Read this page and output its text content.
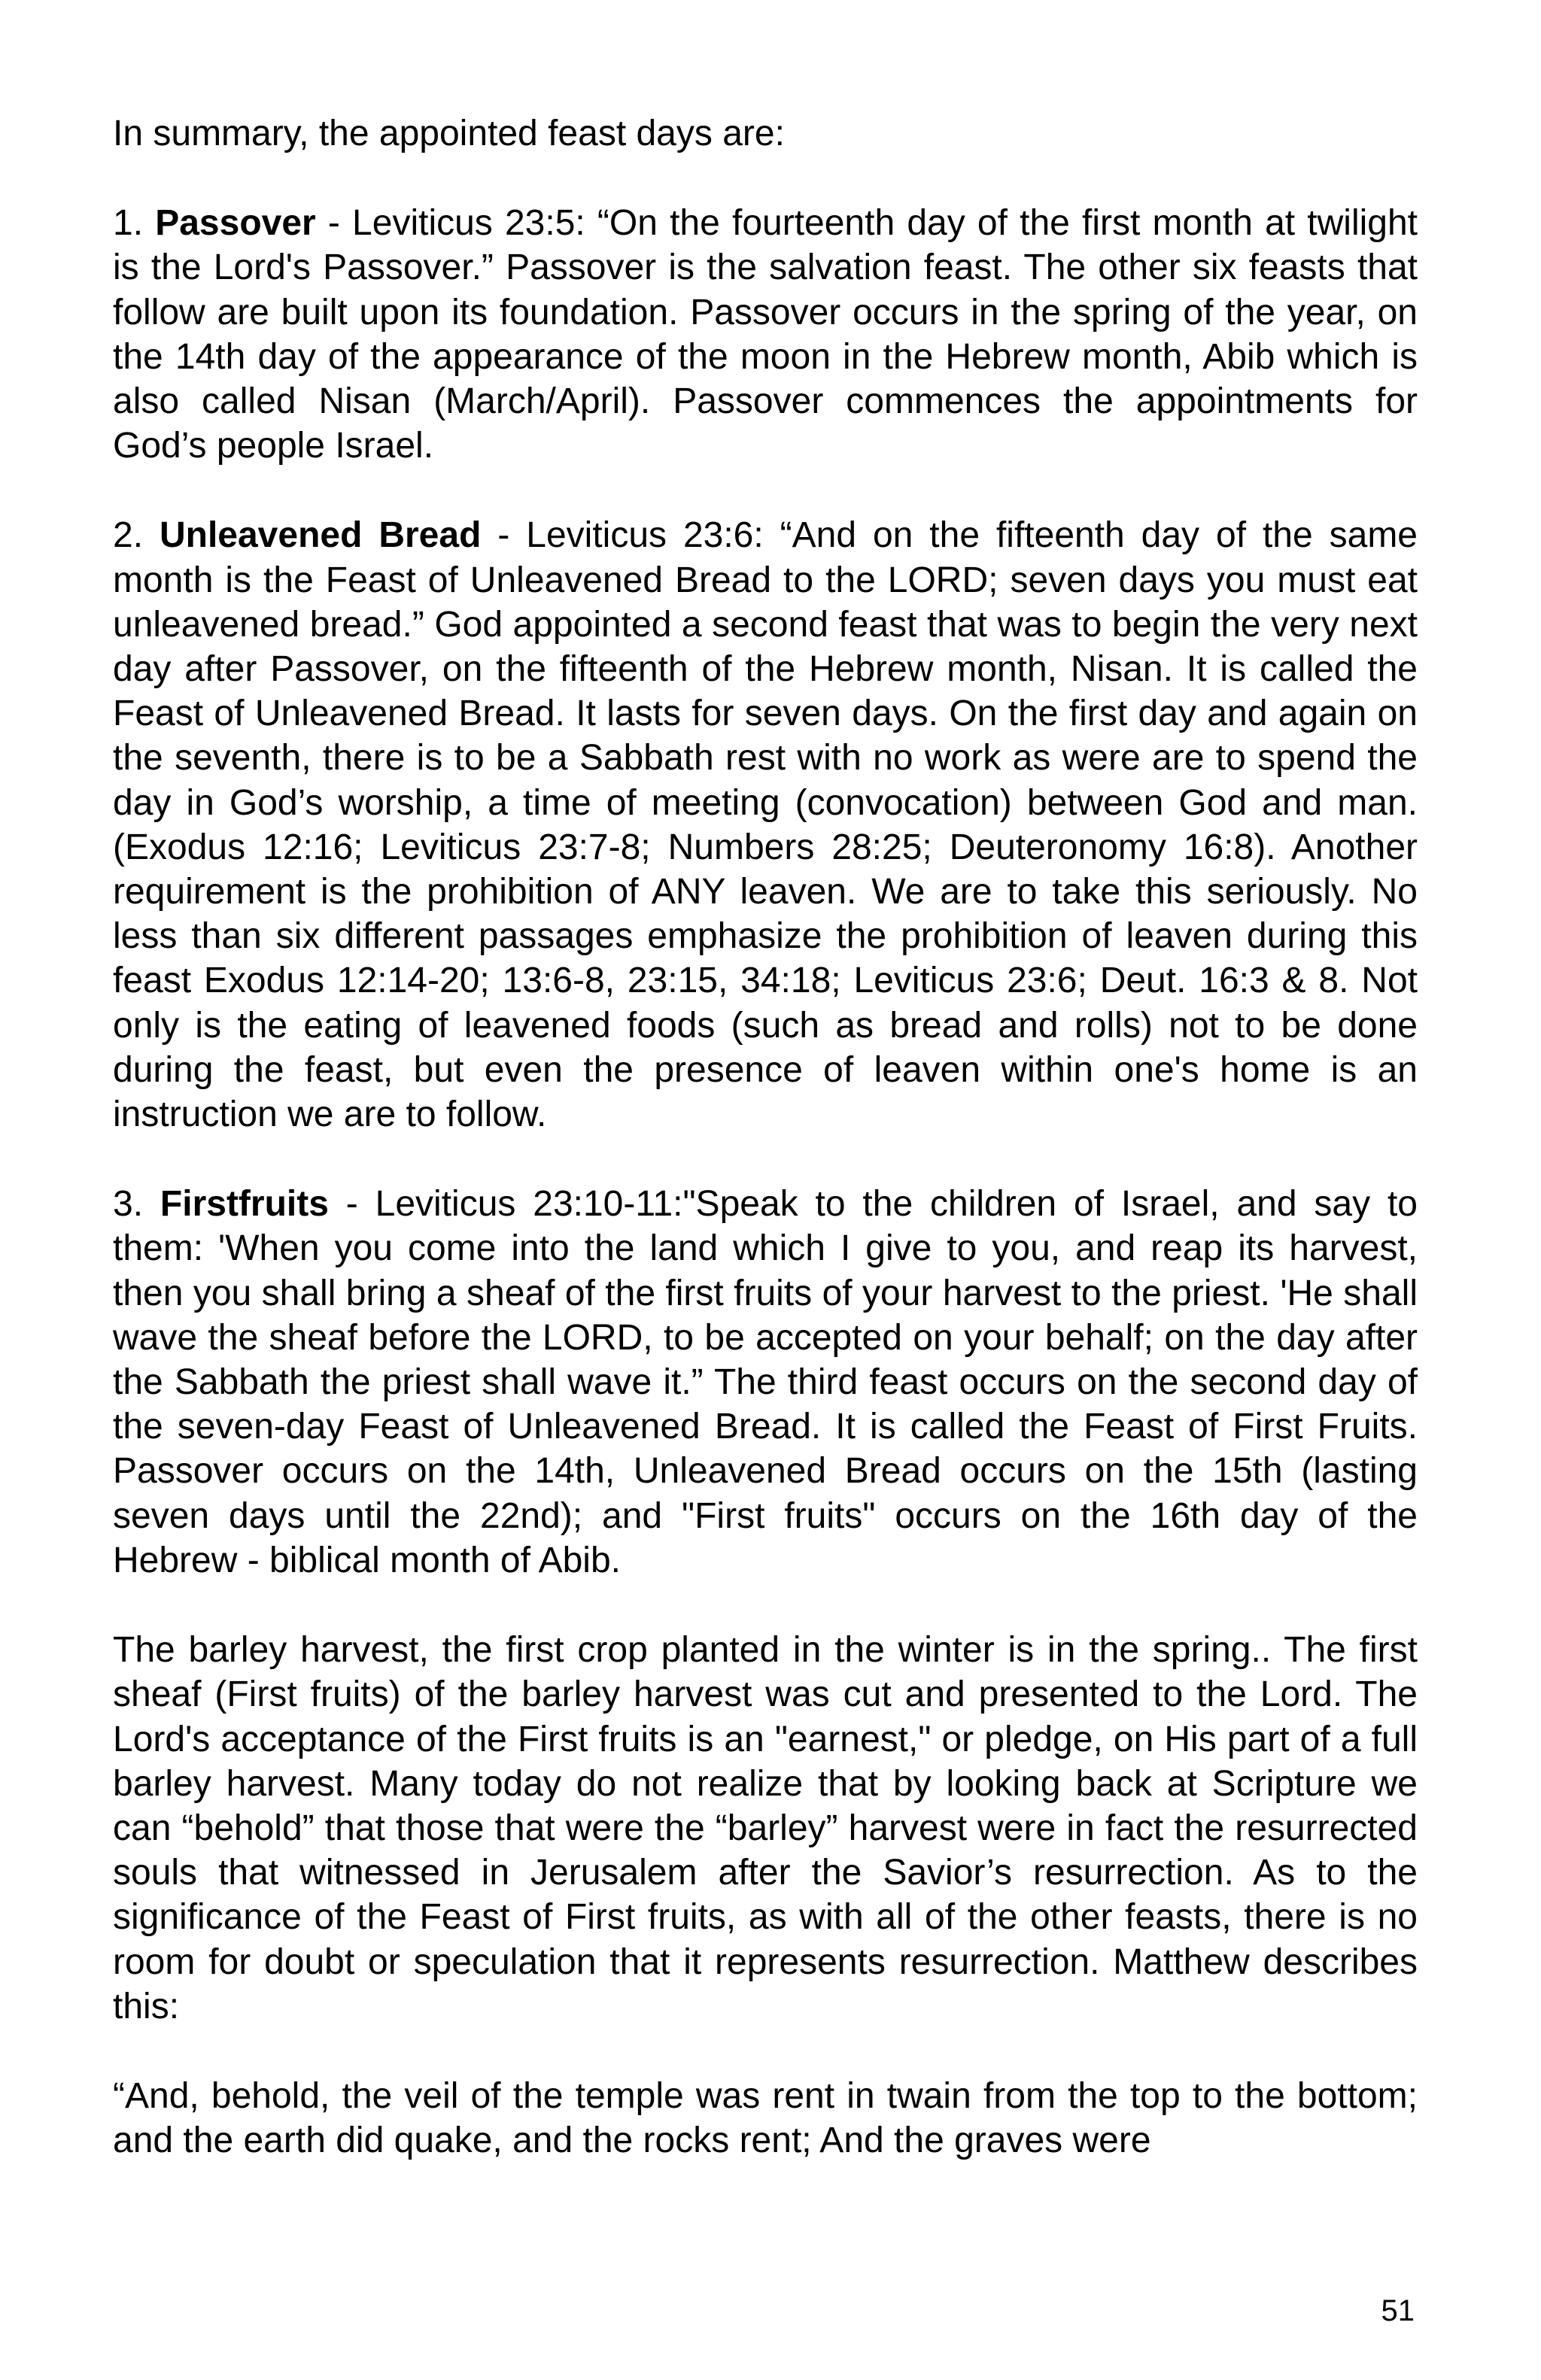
In summary, the appointed feast days are:

1. Passover - Leviticus 23:5: “On the fourteenth day of the first month at twilight is the Lord's Passover.” Passover is the salvation feast. The other six feasts that follow are built upon its foundation. Passover occurs in the spring of the year, on the 14th day of the appearance of the moon in the Hebrew month, Abib which is also called Nisan (March/April). Passover commences the appointments for God’s people Israel.

2. Unleavened Bread - Leviticus 23:6: “And on the fifteenth day of the same month is the Feast of Unleavened Bread to the LORD; seven days you must eat unleavened bread.” God appointed a second feast that was to begin the very next day after Passover, on the fifteenth of the Hebrew month, Nisan. It is called the Feast of Unleavened Bread. It lasts for seven days. On the first day and again on the seventh, there is to be a Sabbath rest with no work as were are to spend the day in God’s worship, a time of meeting (convocation) between God and man. (Exodus 12:16; Leviticus 23:7-8; Numbers 28:25; Deuteronomy 16:8). Another requirement is the prohibition of ANY leaven. We are to take this seriously. No less than six different passages emphasize the prohibition of leaven during this feast Exodus 12:14-20; 13:6-8, 23:15, 34:18; Leviticus 23:6; Deut. 16:3 & 8. Not only is the eating of leavened foods (such as bread and rolls) not to be done during the feast, but even the presence of leaven within one's home is an instruction we are to follow.

3. Firstfruits - Leviticus 23:10-11:"Speak to the children of Israel, and say to them: 'When you come into the land which I give to you, and reap its harvest, then you shall bring a sheaf of the first fruits of your harvest to the priest. 'He shall wave the sheaf before the LORD, to be accepted on your behalf; on the day after the Sabbath the priest shall wave it.” The third feast occurs on the second day of the seven-day Feast of Unleavened Bread. It is called the Feast of First Fruits. Passover occurs on the 14th, Unleavened Bread occurs on the 15th (lasting seven days until the 22nd); and "First fruits" occurs on the 16th day of the Hebrew - biblical month of Abib.

The barley harvest, the first crop planted in the winter is in the spring.. The first sheaf (First fruits) of the barley harvest was cut and presented to the Lord. The Lord's acceptance of the First fruits is an "earnest," or pledge, on His part of a full barley harvest. Many today do not realize that by looking back at Scripture we can “behold” that those that were the “barley” harvest were in fact the resurrected souls that witnessed in Jerusalem after the Savior’s resurrection. As to the significance of the Feast of First fruits, as with all of the other feasts, there is no room for doubt or speculation that it represents resurrection. Matthew describes this:

“And, behold, the veil of the temple was rent in twain from the top to the bottom; and the earth did quake, and the rocks rent; And the graves were

51
